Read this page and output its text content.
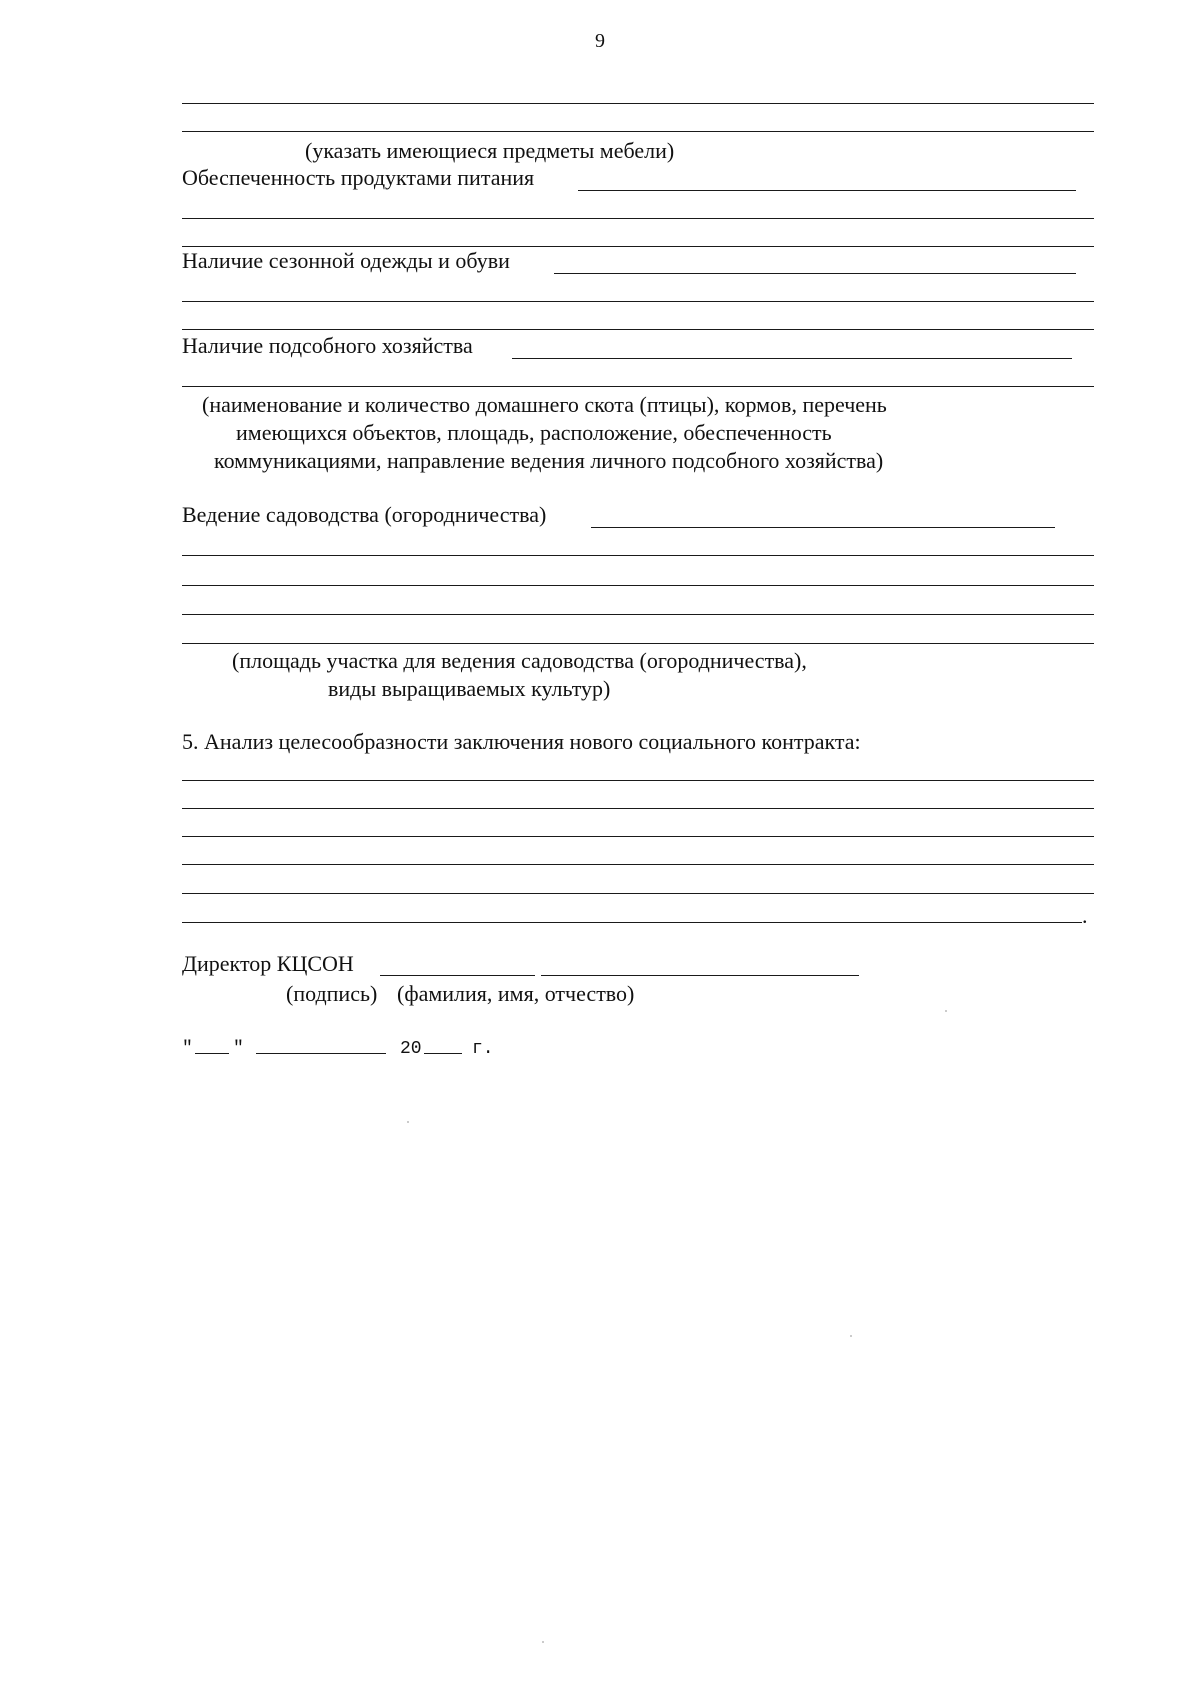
9
(указать имеющиеся предметы мебели)
Обеспеченность продуктами питания
Наличие сезонной одежды и обуви
Наличие подсобного хозяйства
(наименование и количество домашнего скота (птицы), кормов, перечень
имеющихся объектов, площадь, расположение, обеспеченность
коммуникациями, направление ведения личного подсобного хозяйства)
Ведение садоводства (огородничества)
(площадь участка для ведения садоводства (огородничества),
виды выращиваемых культур)
5. Анализ целесообразности заключения нового социального контракта:
.
Директор КЦСОН
(подпись) (фамилия, имя, отчество)
" "	20	г.
